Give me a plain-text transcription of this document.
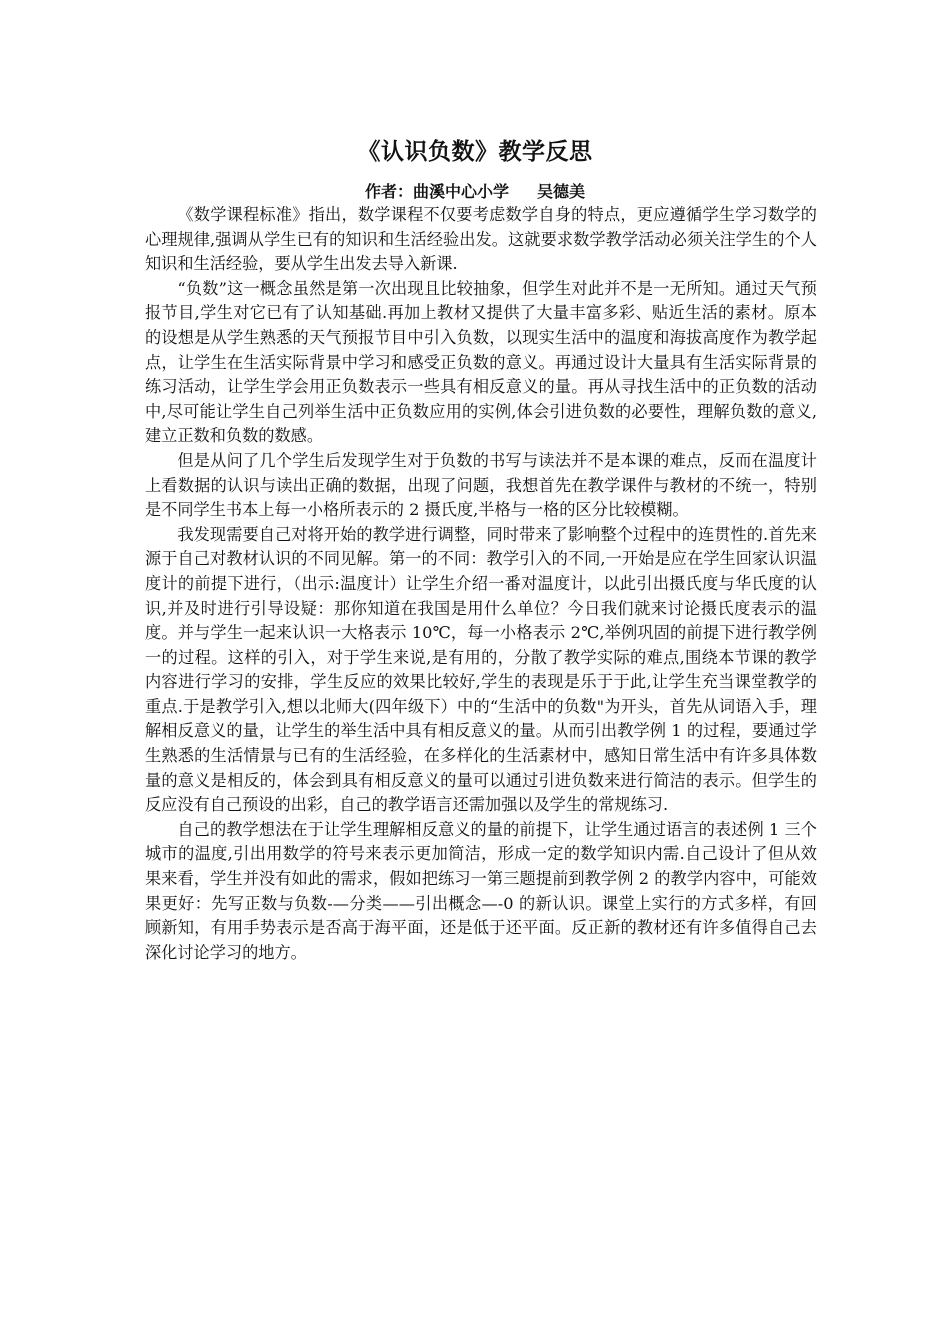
《认识负数》教学反思
作者：曲溪中心小学 吴德美

《数学课程标准》指出，数学课程不仅要考虑数学自身的特点，更应遵循学生学习数学的心理规律,强调从学生已有的知识和生活经验出发。这就要求数学教学活动必须关注学生的个人知识和生活经验，要从学生出发去导入新课.

“负数”这一概念虽然是第一次出现且比较抽象，但学生对此并不是一无所知。通过天气预报节目,学生对它已有了认知基础.再加上教材又提供了大量丰富多彩、贴近生活的素材。原本的设想是从学生熟悉的天气预报节目中引入负数，以现实生活中的温度和海拔高度作为教学起点，让学生在生活实际背景中学习和感受正负数的意义。再通过设计大量具有生活实际背景的练习活动，让学生学会用正负数表示一些具有相反意义的量。再从寻找生活中的正负数的活动中,尽可能让学生自己列举生活中正负数应用的实例,体会引进负数的必要性，理解负数的意义,建立正数和负数的数感。

但是从问了几个学生后发现学生对于负数的书写与读法并不是本课的难点，反而在温度计上看数据的认识与读出正确的数据，出现了问题，我想首先在教学课件与教材的不统一，特别是不同学生书本上每一小格所表示的 2 摄氏度,半格与一格的区分比较模糊。

我发现需要自己对将开始的教学进行调整，同时带来了影响整个过程中的连贯性的.首先来源于自己对教材认识的不同见解。第一的不同：教学引入的不同,一开始是应在学生回家认识温度计的前提下进行，（出示:温度计）让学生介绍一番对温度计，以此引出摄氏度与华氏度的认识,并及时进行引导设疑：那你知道在我国是用什么单位？今日我们就来讨论摄氏度表示的温度。并与学生一起来认识一大格表示 10℃，每一小格表示 2℃,举例巩固的前提下进行教学例一的过程。这样的引入，对于学生来说,是有用的，分散了教学实际的难点,围绕本节课的教学内容进行学习的安排，学生反应的效果比较好,学生的表现是乐于于此,让学生充当课堂教学的重点.于是教学引入,想以北师大(四年级下）中的“生活中的负数"为开头，首先从词语入手，理解相反意义的量，让学生的举生活中具有相反意义的量。从而引出教学例 1 的过程，要通过学生熟悉的生活情景与已有的生活经验，在多样化的生活素材中，感知日常生活中有许多具体数量的意义是相反的，体会到具有相反意义的量可以通过引进负数来进行简洁的表示。但学生的反应没有自己预设的出彩，自己的教学语言还需加强以及学生的常规练习.

自己的教学想法在于让学生理解相反意义的量的前提下，让学生通过语言的表述例 1 三个城市的温度,引出用数学的符号来表示更加简洁，形成一定的数学知识内需.自己设计了但从效果来看，学生并没有如此的需求，假如把练习一第三题提前到教学例 2 的教学内容中，可能效果更好：先写正数与负数-—分类——引出概念—-0 的新认识。课堂上实行的方式多样，有回顾新知，有用手势表示是否高于海平面，还是低于还平面。反正新的教材还有许多值得自己去深化讨论学习的地方。
